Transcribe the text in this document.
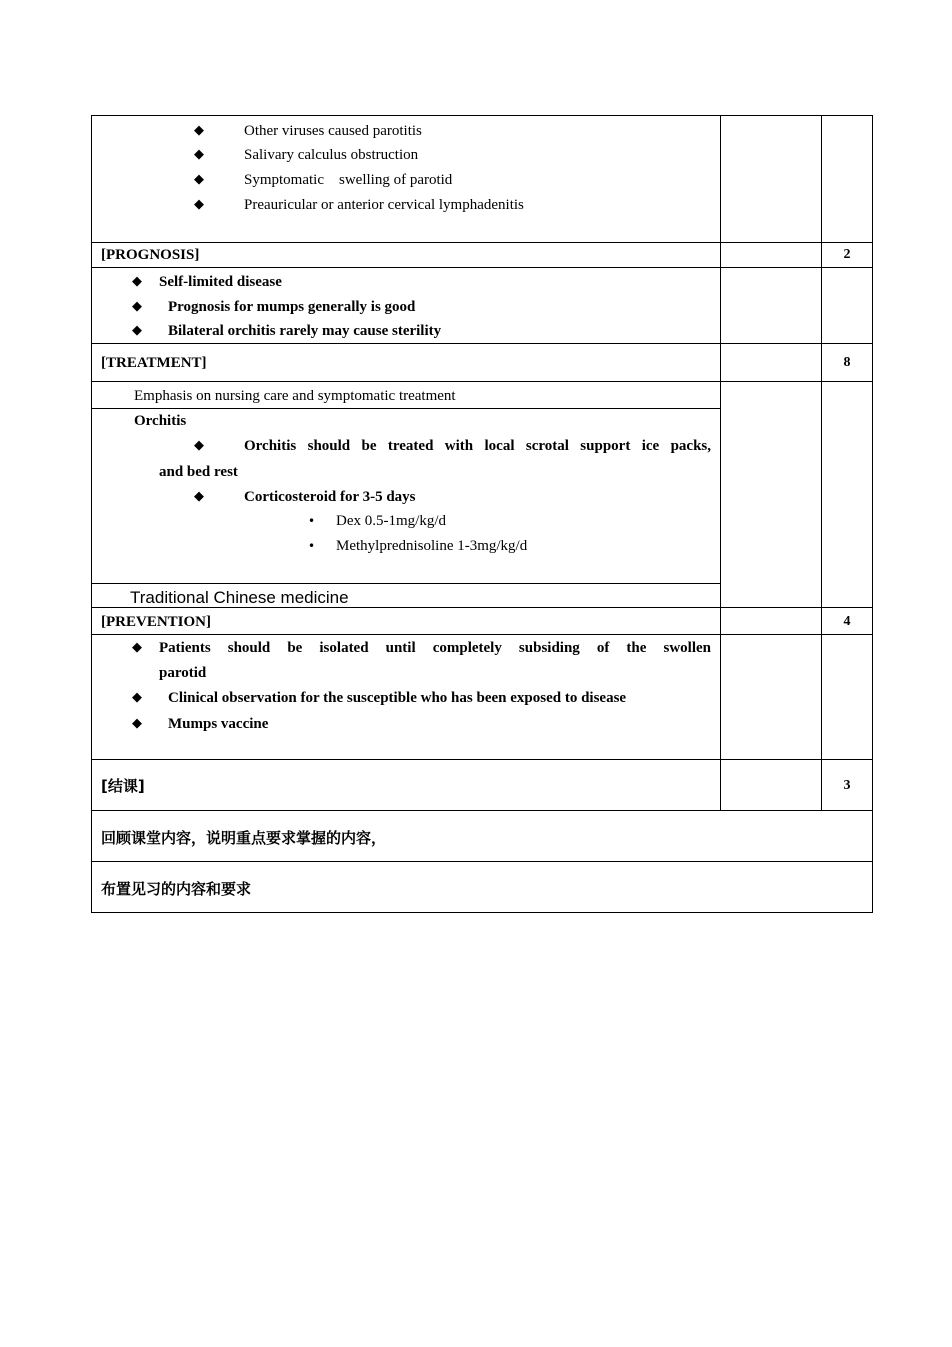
◆	Other viruses caused parotitis
◆	Salivary calculus obstruction
◆	Symptomatic    swelling of parotid
◆	Preauricular or anterior cervical lymphadenitis
[PROGNOSIS]	2
◆ Self-limited disease
◆ Prognosis for mumps generally is good
◆ Bilateral orchitis rarely may cause sterility
[TREATMENT]	8
Emphasis on nursing care and symptomatic treatment
Orchitis
◆	Orchitis should be treated with local scrotal support ice packs,
and bed rest
◆	Corticosteroid for 3-5 days
• Dex 0.5-1mg/kg/d
• Methylprednisoline 1-3mg/kg/d
Traditional Chinese medicine
[PREVENTION]	4
◆ Patients should be isolated until completely subsiding of the swollen
parotid
◆ Clinical observation for the susceptible who has been exposed to disease
◆ Mumps vaccine
[结课]	3
回顾课堂内容，说明重点要求掌握的内容，
布置见习的内容和要求
